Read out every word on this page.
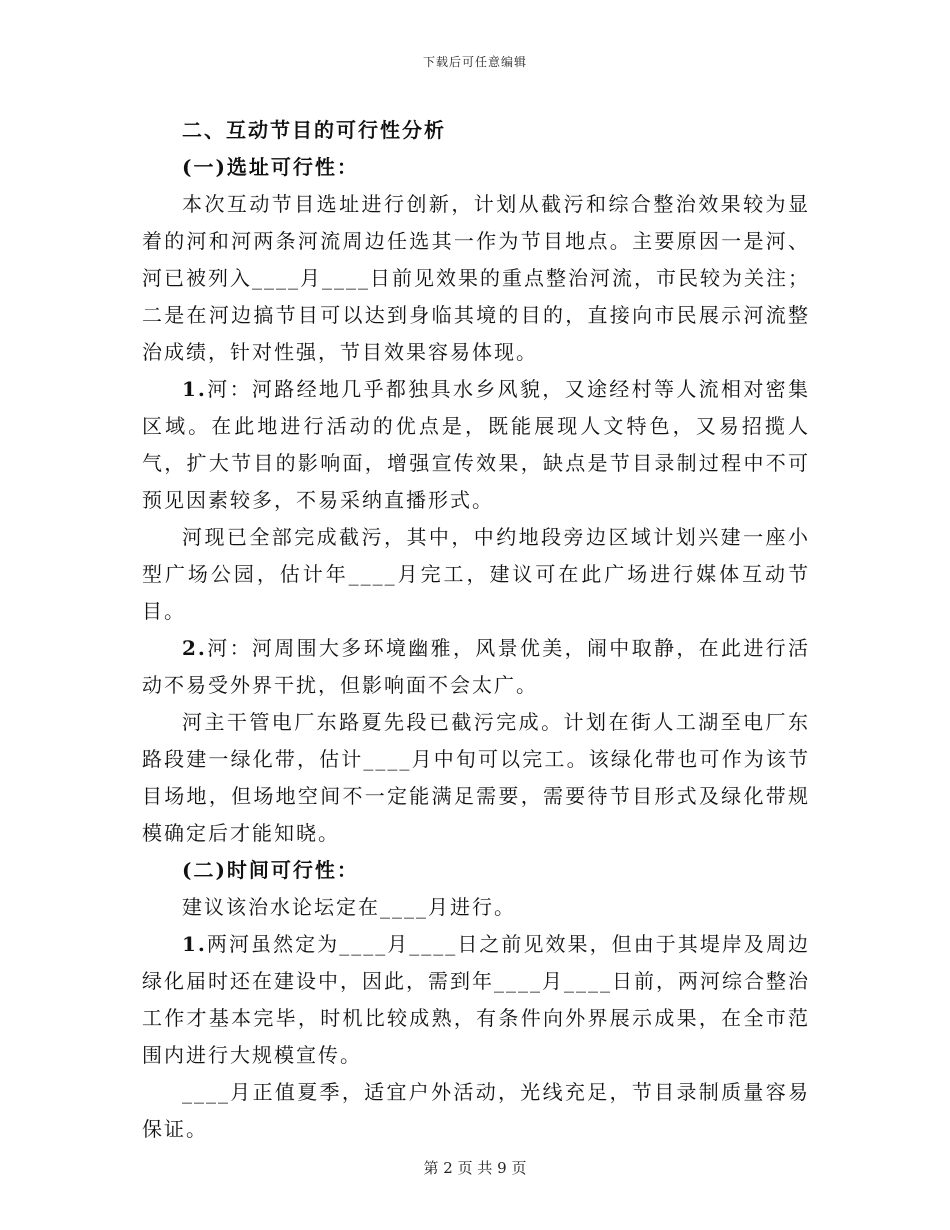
下载后可任意编辑

二、互动节目的可行性分析

(一)选址可行性：

本次互动节目选址进行创新，计划从截污和综合整治效果较为显着的河和河两条河流周边任选其一作为节目地点。主要原因一是河、河已被列入____月____日前见效果的重点整治河流，市民较为关注；二是在河边搞节目可以达到身临其境的目的，直接向市民展示河流整治成绩，针对性强，节目效果容易体现。

1.河：河路经地几乎都独具水乡风貌，又途经村等人流相对密集区域。在此地进行活动的优点是，既能展现人文特色，又易招揽人气，扩大节目的影响面，增强宣传效果，缺点是节目录制过程中不可预见因素较多，不易采纳直播形式。

河现已全部完成截污，其中，中约地段旁边区域计划兴建一座小型广场公园，估计年____月完工，建议可在此广场进行媒体互动节目。

2.河：河周围大多环境幽雅，风景优美，闹中取静，在此进行活动不易受外界干扰，但影响面不会太广。

河主干管电厂东路夏先段已截污完成。计划在街人工湖至电厂东路段建一绿化带，估计____月中旬可以完工。该绿化带也可作为该节目场地，但场地空间不一定能满足需要，需要待节目形式及绿化带规模确定后才能知晓。

(二)时间可行性：

建议该治水论坛定在____月进行。

1.两河虽然定为____月____日之前见效果，但由于其堤岸及周边绿化届时还在建设中，因此，需到年____月____日前，两河综合整治工作才基本完毕，时机比较成熟，有条件向外界展示成果，在全市范围内进行大规模宣传。

____月正值夏季，适宜户外活动，光线充足，节目录制质量容易保证。

第 2 页 共 9 页
